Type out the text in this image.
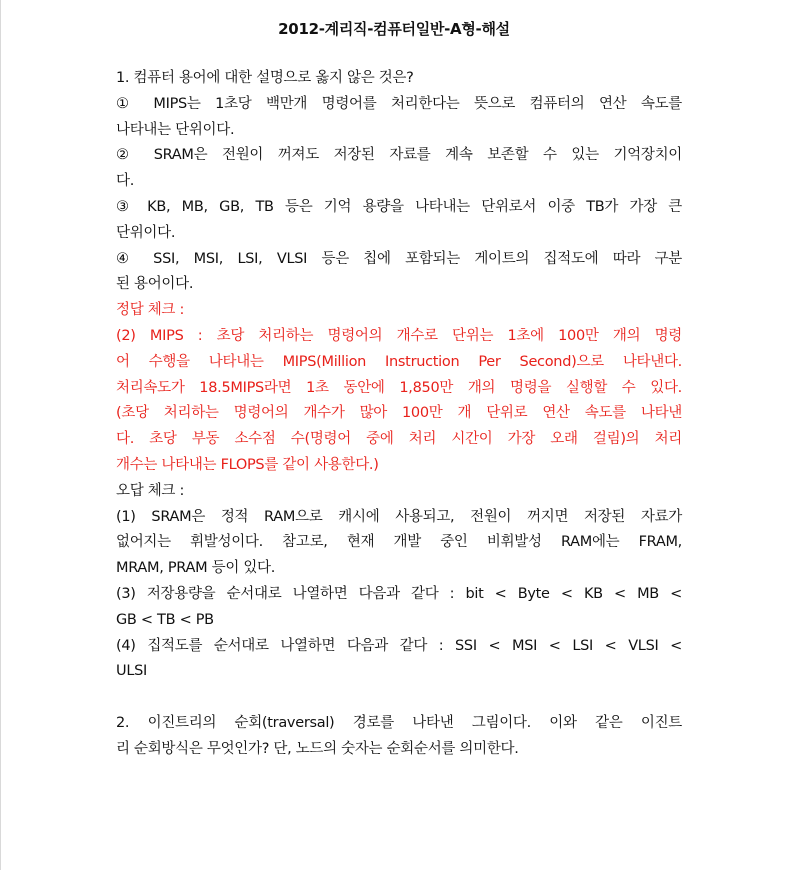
2012-계리직-컴퓨터일반-A형-해설
1. 컴퓨터 용어에 대한 설명으로 옳지 않은 것은?
① MIPS는 1초당 백만개 명령어를 처리한다는 뜻으로 컴퓨터의 연산 속도를
나타내는 단위이다.
② SRAM은 전원이 꺼져도 저장된 자료를 계속 보존할 수 있는 기억장치이
다.
③ KB, MB, GB, TB 등은 기억 용량을 나타내는 단위로서 이중 TB가 가장 큰
단위이다.
④ SSI, MSI, LSI, VLSI 등은 칩에 포함되는 게이트의 집적도에 따라 구분
된 용어이다.
정답 체크 :
(2) MIPS : 초당 처리하는 명령어의 개수로 단위는 1초에 100만 개의 명령
어 수행을 나타내는 MIPS(Million Instruction Per Second)으로 나타낸다.
처리속도가 18.5MIPS라면 1초 동안에 1,850만 개의 명령을 실행할 수 있다.
(초당 처리하는 명령어의 개수가 많아 100만 개 단위로 연산 속도를 나타낸
다. 초당 부동 소수점 수(명령어 중에 처리 시간이 가장 오래 걸림)의 처리
개수는 나타내는 FLOPS를 같이 사용한다.)
오답 체크 :
(1) SRAM은 정적 RAM으로 캐시에 사용되고, 전원이 꺼지면 저장된 자료가
없어지는 휘발성이다. 참고로, 현재 개발 중인 비휘발성 RAM에는 FRAM,
MRAM, PRAM 등이 있다.
(3) 저장용량을 순서대로 나열하면 다음과 같다 : bit < Byte < KB < MB <
GB < TB < PB
(4) 집적도를 순서대로 나열하면 다음과 같다 : SSI < MSI < LSI < VLSI <
ULSI
2. 이진트리의 순회(traversal) 경로를 나타낸 그림이다. 이와 같은 이진트
리 순회방식은 무엇인가? 단, 노드의 숫자는 순회순서를 의미한다.
